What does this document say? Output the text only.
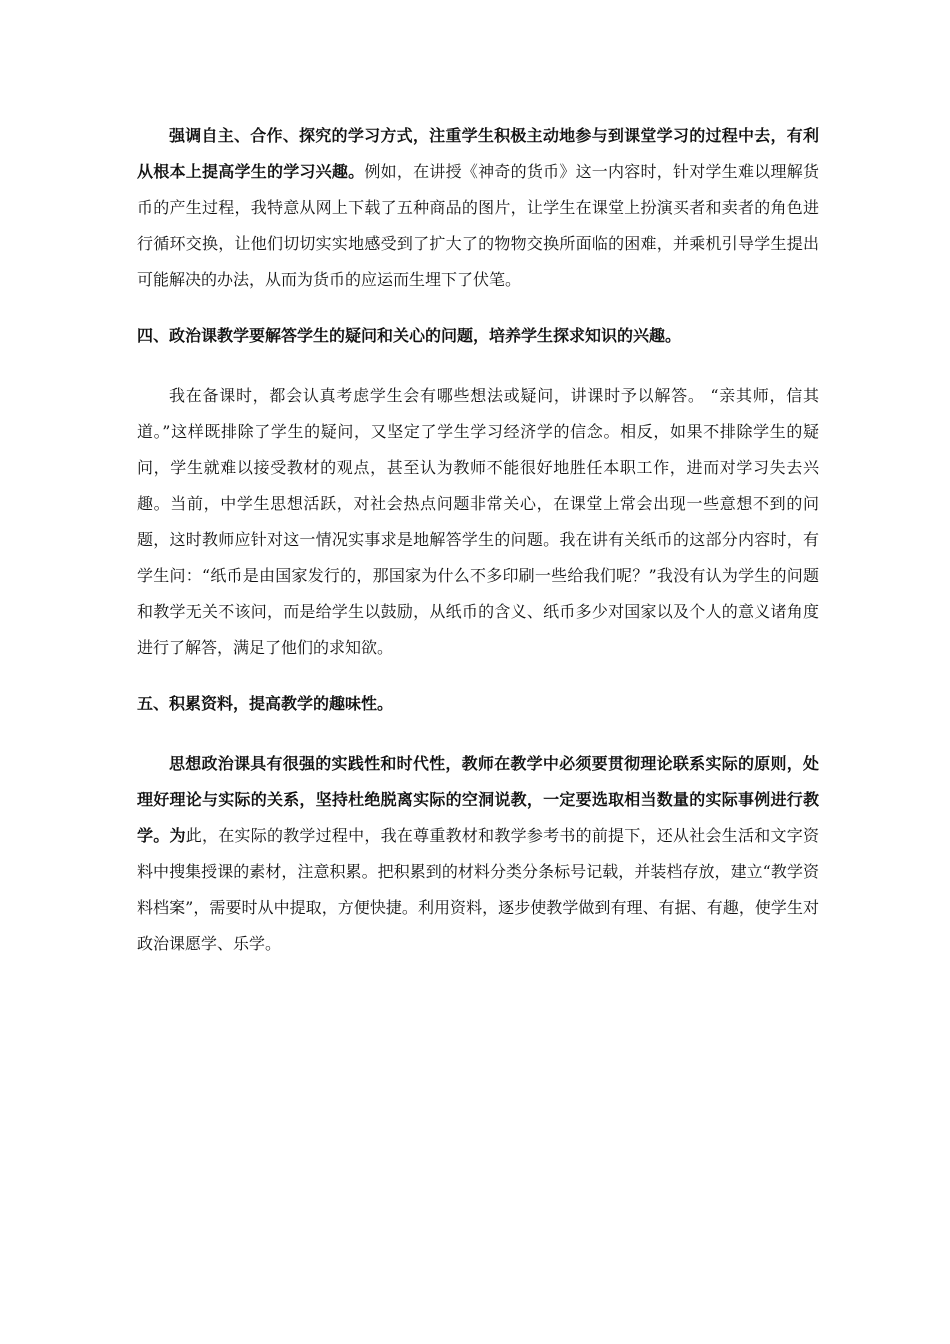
强调自主、合作、探究的学习方式，注重学生积极主动地参与到课堂学习的过程中去，有利从根本上提高学生的学习兴趣。例如，在讲授《神奇的货币》这一内容时，针对学生难以理解货币的产生过程，我特意从网上下载了五种商品的图片，让学生在课堂上扮演买者和卖者的角色进行循环交换，让他们切切实实地感受到了扩大了的物物交换所面临的困难，并乘机引导学生提出可能解决的办法，从而为货币的应运而生埋下了伏笔。

四、政治课教学要解答学生的疑问和关心的问题，培养学生探求知识的兴趣。

我在备课时，都会认真考虑学生会有哪些想法或疑问，讲课时予以解答。 “亲其师，信其道。”这样既排除了学生的疑问，又坚定了学生学习经济学的信念。相反，如果不排除学生的疑问，学生就难以接受教材的观点，甚至认为教师不能很好地胜任本职工作，进而对学习失去兴趣。当前，中学生思想活跃，对社会热点问题非常关心，在课堂上常会出现一些意想不到的问题，这时教师应针对这一情况实事求是地解答学生的问题。我在讲有关纸币的这部分内容时，有学生问：“纸币是由国家发行的，那国家为什么不多印刷一些给我们呢？”我没有认为学生的问题和教学无关不该问，而是给学生以鼓励，从纸币的含义、纸币多少对国家以及个人的意义诸角度进行了解答，满足了他们的求知欲。

五、积累资料，提高教学的趣味性。

思想政治课具有很强的实践性和时代性，教师在教学中必须要贯彻理论联系实际的原则，处理好理论与实际的关系，坚持杜绝脱离实际的空洞说教，一定要选取相当数量的实际事例进行教学。为此，在实际的教学过程中，我在尊重教材和教学参考书的前提下，还从社会生活和文字资料中搜集授课的素材，注意积累。把积累到的材料分类分条标号记载，并装档存放，建立“教学资料档案”，需要时从中提取，方便快捷。利用资料，逐步使教学做到有理、有据、有趣，使学生对政治课愿学、乐学。
